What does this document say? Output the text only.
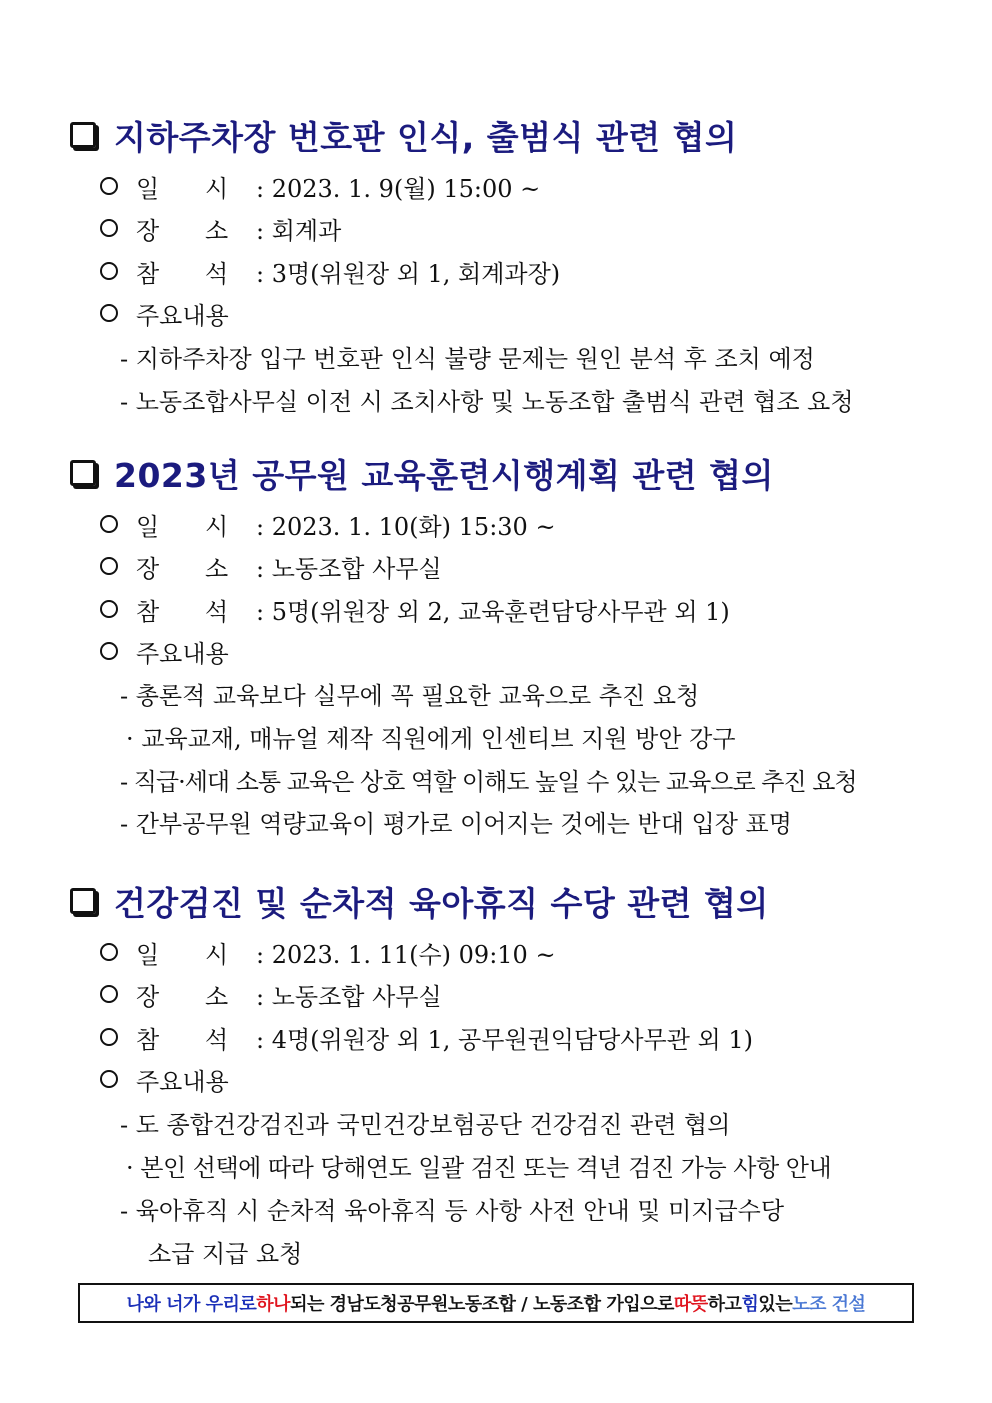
지하주차장 번호판 인식, 출범식 관련 협의
일      시	: 2023. 1. 9(월) 15:00 ~
장      소	: 회계과
참      석	: 3명(위원장 외 1, 회계과장)
주요내용
- 지하주차장 입구 번호판 인식 불량 문제는 원인 분석 후 조치 예정
- 노동조합사무실 이전 시 조치사항 및 노동조합 출범식 관련 협조 요청
2023년 공무원 교육훈련시행계획 관련 협의
일      시	: 2023. 1. 10(화) 15:30 ~
장      소	: 노동조합 사무실
참      석	: 5명(위원장 외 2, 교육훈련담당사무관 외 1)
주요내용
- 총론적 교육보다 실무에 꼭 필요한 교육으로 추진 요청
· 교육교재, 매뉴얼 제작 직원에게 인센티브 지원 방안 강구
- 직급·세대 소통 교육은 상호 역할 이해도 높일 수 있는 교육으로 추진 요청
- 간부공무원 역량교육이 평가로 이어지는 것에는 반대 입장 표명
건강검진 및 순차적 육아휴직 수당 관련 협의
일      시	: 2023. 1. 11(수) 09:10 ~
장      소	: 노동조합 사무실
참      석	: 4명(위원장 외 1, 공무원권익담당사무관 외 1)
주요내용
- 도 종합건강검진과 국민건강보험공단 건강검진 관련 협의
· 본인 선택에 따라 당해연도 일괄 검진 또는 격년 검진 가능 사항 안내
- 육아휴직 시 순차적 육아휴직 등 사항 사전 안내 및 미지급수당
소급 지급 요청
나와 너가 우리로 하나 되는 경남도청공무원노동조합 / 노동조합 가입으로 따뜻 하고 힘 있는 노조 건설
